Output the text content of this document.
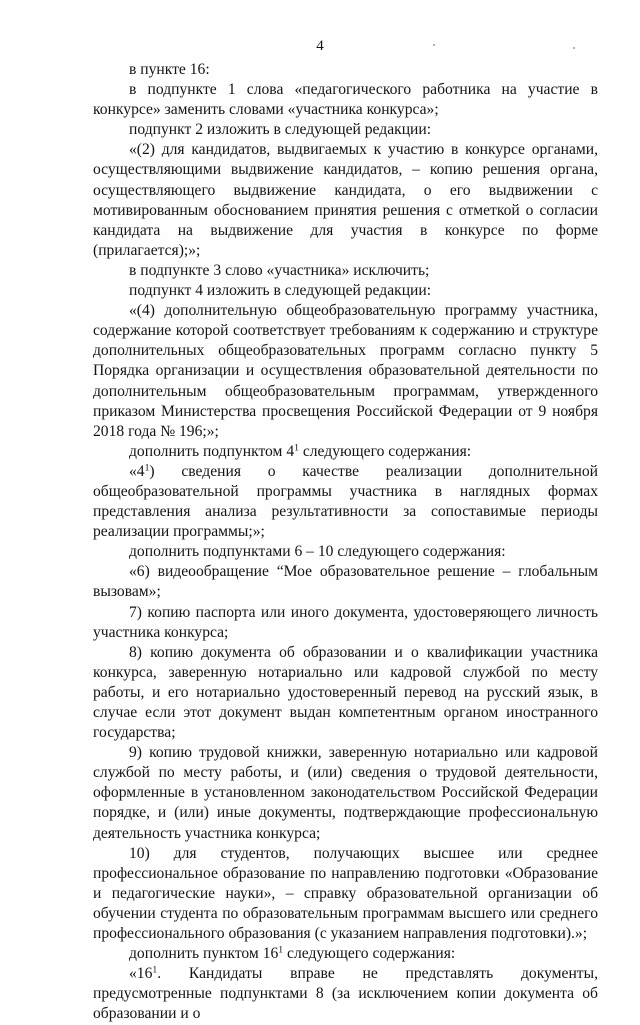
4

в пункте 16:

в подпункте 1 слова «педагогического работника на участие в конкурсе» заменить словами «участника конкурса»;

подпункт 2 изложить в следующей редакции:

«(2) для кандидатов, выдвигаемых к участию в конкурсе органами, осуществляющими выдвижение кандидатов, – копию решения органа, осуществляющего выдвижение кандидата, о его выдвижении с мотивированным обоснованием принятия решения с отметкой о согласии кандидата на выдвижение для участия в конкурсе по форме (прилагается);»;

в подпункте 3 слово «участника» исключить;

подпункт 4 изложить в следующей редакции:

«(4) дополнительную общеобразовательную программу участника, содержание которой соответствует требованиям к содержанию и структуре дополнительных общеобразовательных программ согласно пункту 5 Порядка организации и осуществления образовательной деятельности по дополнительным общеобразовательным программам, утвержденного приказом Министерства просвещения Российской Федерации от 9 ноября 2018 года № 196;»;

дополнить подпунктом $4^1$ следующего содержания:

«$4^1$) сведения о качестве реализации дополнительной общеобразовательной программы участника в наглядных формах представления анализа результативности за сопоставимые периоды реализации программы;»;

дополнить подпунктами 6 – 10 следующего содержания:

«6) видеообращение “Мое образовательное решение – глобальным вызовам»;

7) копию паспорта или иного документа, удостоверяющего личность участника конкурса;

8) копию документа об образовании и о квалификации участника конкурса, заверенную нотариально или кадровой службой по месту работы, и его нотариально удостоверенный перевод на русский язык, в случае если этот документ выдан компетентным органом иностранного государства;

9) копию трудовой книжки, заверенную нотариально или кадровой службой по месту работы, и (или) сведения о трудовой деятельности, оформленные в установленном законодательством Российской Федерации порядке, и (или) иные документы, подтверждающие профессиональную деятельность участника конкурса;

10) для студентов, получающих высшее или среднее профессиональное образование по направлению подготовки «Образование и педагогические науки», – справку образовательной организации об обучении студента по образовательным программам высшего или среднего профессионального образования (с указанием направления подготовки).»;

дополнить пунктом $16^1$ следующего содержания:

«$16^1$. Кандидаты вправе не представлять документы, предусмотренные подпунктами 8 (за исключением копии документа об образовании и о
